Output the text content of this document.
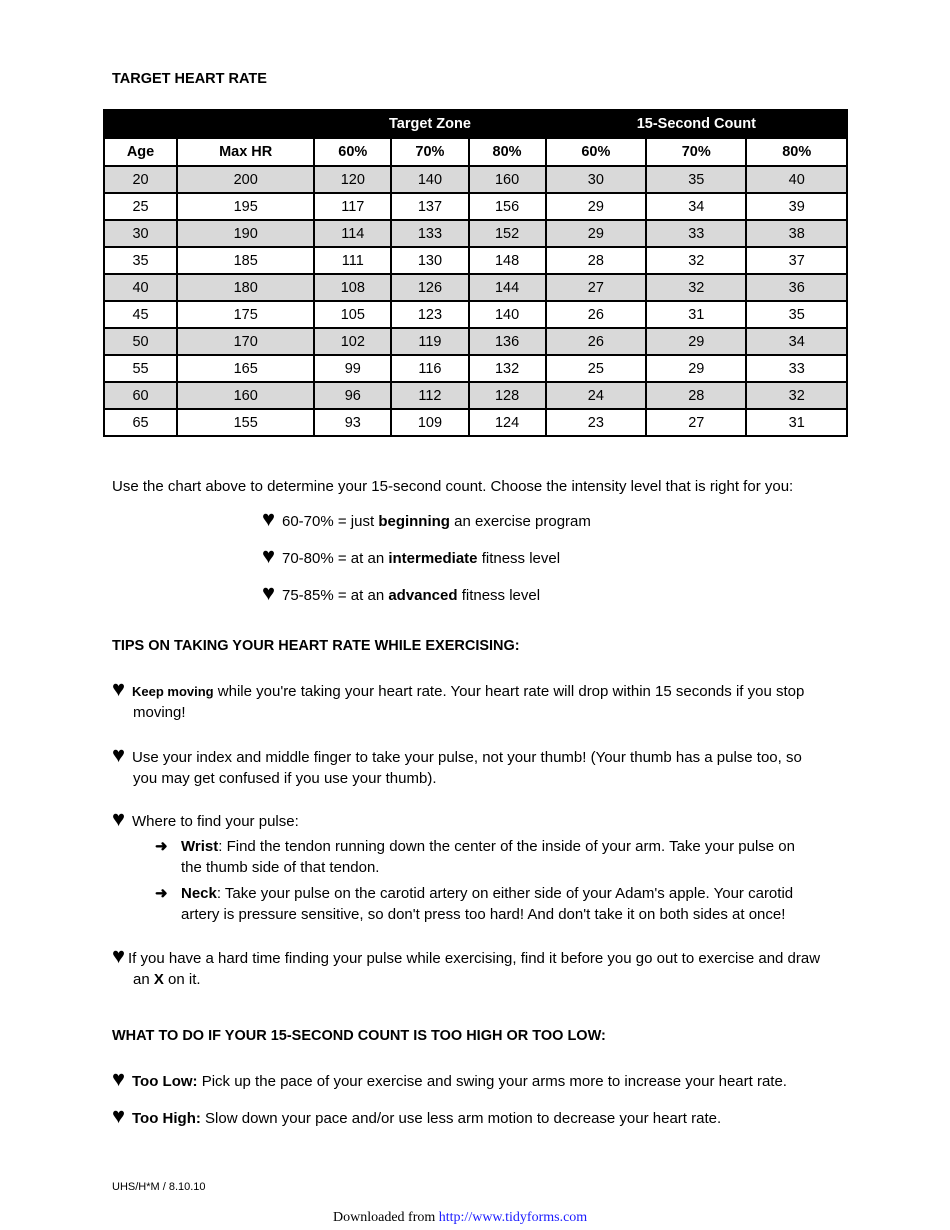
TARGET HEART RATE
		Target Zone			15-Second Count		
Age	Max HR	60%	70%	80%	60%	70%	80%
20	200	120	140	160	30	35	40
25	195	117	137	156	29	34	39
30	190	114	133	152	29	33	38
35	185	111	130	148	28	32	37
40	180	108	126	144	27	32	36
45	175	105	123	140	26	31	35
50	170	102	119	136	26	29	34
55	165	99	116	132	25	29	33
60	160	96	112	128	24	28	32
65	155	93	109	124	23	27	31
Use the chart above to determine your 15-second count. Choose the intensity level that is right for you:
♥ 60-70% = just beginning an exercise program
♥ 70-80% = at an intermediate fitness level
♥ 75-85% = at an advanced fitness level
TIPS ON TAKING YOUR HEART RATE WHILE EXERCISING:
♥ Keep moving while you're taking your heart rate. Your heart rate will drop within 15 seconds if you stop
moving!
♥ Use your index and middle finger to take your pulse, not your thumb! (Your thumb has a pulse too, so
you may get confused if you use your thumb).
♥ Where to find your pulse:
➜ Wrist: Find the tendon running down the center of the inside of your arm. Take your pulse on
the thumb side of that tendon.
➜ Neck: Take your pulse on the carotid artery on either side of your Adam's apple. Your carotid
artery is pressure sensitive, so don't press too hard! And don't take it on both sides at once!
♥ If you have a hard time finding your pulse while exercising, find it before you go out to exercise and draw
an X on it.
WHAT TO DO IF YOUR 15-SECOND COUNT IS TOO HIGH OR TOO LOW:
♥ Too Low: Pick up the pace of your exercise and swing your arms more to increase your heart rate.
♥ Too High: Slow down your pace and/or use less arm motion to decrease your heart rate.
UHS/H*M / 8.10.10
Downloaded from http://www.tidyforms.com
